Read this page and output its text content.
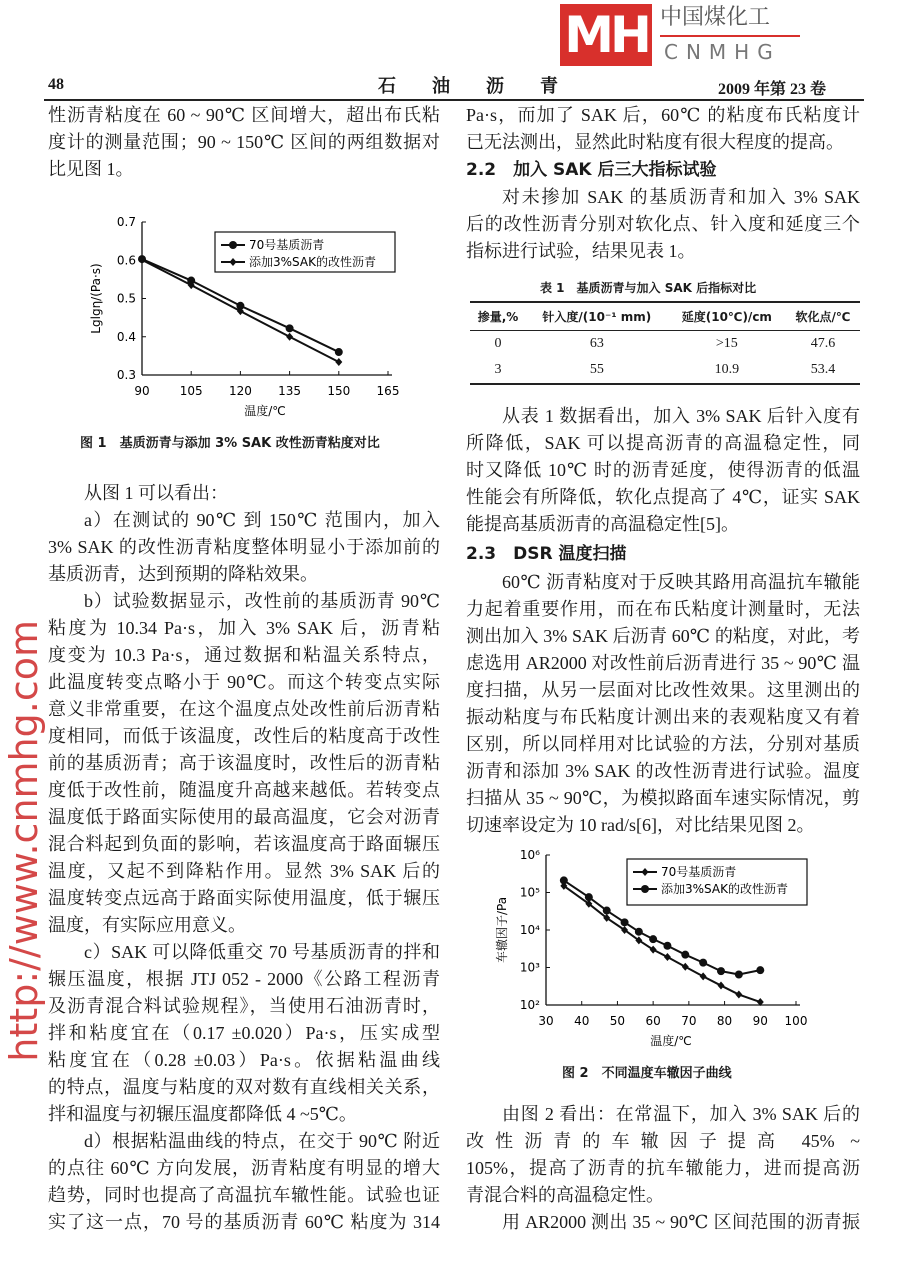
MH 中国煤化工
CNMHG
48	石　　油　　沥　　青	2009 年第 23 卷
性沥青粘度在 60 ~ 90℃ 区间增大，超出布氏粘
度计的测量范围；90 ~ 150℃ 区间的两组数据对
比见图 1。
90	105 120 135 150 165
0.3
0.4
0.5
0.6
0.7
温度/℃
Lglgη/(Pa·s)
70号基质沥青
添加3%SAK的改性沥青
图 1　基质沥青与添加 3% SAK 改性沥青粘度对比
从图 1 可以看出：
a）在测试的 90℃ 到 150℃ 范围内，加入
3% SAK 的改性沥青粘度整体明显小于添加前的
基质沥青，达到预期的降粘效果。
b）试验数据显示，改性前的基质沥青 90℃
粘度为 10.34 Pa·s，加入 3% SAK 后，沥青粘
度变为 10.3 Pa·s，通过数据和粘温关系特点，
此温度转变点略小于 90℃。而这个转变点实际
意义非常重要，在这个温度点处改性前后沥青粘
度相同，而低于该温度，改性后的粘度高于改性
前的基质沥青；高于该温度时，改性后的沥青粘
度低于改性前，随温度升高越来越低。若转变点
温度低于路面实际使用的最高温度，它会对沥青
混合料起到负面的影响，若该温度高于路面辗压
温度，又起不到降粘作用。显然 3% SAK 后的
温度转变点远高于路面实际使用温度，低于辗压
温度，有实际应用意义。
c）SAK 可以降低重交 70 号基质沥青的拌和
辗压温度，根据 JTJ 052 - 2000《公路工程沥青
及沥青混合料试验规程》，当使用石油沥青时，
拌和粘度宜在（0.17 ±0.020）Pa·s，压实成型
粘度宜在（0.28 ±0.03）Pa·s。依据粘温曲线
的特点，温度与粘度的双对数有直线相关关系，
拌和温度与初辗压温度都降低 4 ~5℃。
d）根据粘温曲线的特点，在交于 90℃ 附近
的点往 60℃ 方向发展，沥青粘度有明显的增大
趋势，同时也提高了高温抗车辙性能。试验也证
实了这一点，70 号的基质沥青 60℃ 粘度为 314
Pa·s，而加了 SAK 后，60℃ 的粘度布氏粘度计
已无法测出，显然此时粘度有很大程度的提高。
2.2　加入 SAK 后三大指标试验
对未掺加 SAK 的基质沥青和加入 3% SAK
后的改性沥青分别对软化点、针入度和延度三个
指标进行试验，结果见表 1。
表 1　基质沥青与加入 SAK 后指标对比
掺量,%	针入度/(10⁻¹ mm)	延度(10℃)/cm	软化点/℃
0	63	>15	47.6
3	55	10.9	53.4
从表 1 数据看出，加入 3% SAK 后针入度有
所降低，SAK 可以提高沥青的高温稳定性，同
时又降低 10℃ 时的沥青延度，使得沥青的低温
性能会有所降低，软化点提高了 4℃，证实 SAK
能提高基质沥青的高温稳定性[5]。
2.3　DSR 温度扫描
60℃ 沥青粘度对于反映其路用高温抗车辙能
力起着重要作用，而在布氏粘度计测量时，无法
测出加入 3% SAK 后沥青 60℃ 的粘度，对此，考
虑选用 AR2000 对改性前后沥青进行 35 ~ 90℃ 温
度扫描，从另一层面对比改性效果。这里测出的
振动粘度与布氏粘度计测出来的表观粘度又有着
区别，所以同样用对比试验的方法，分别对基质
沥青和添加 3% SAK 的改性沥青进行试验。温度
扫描从 35 ~ 90℃，为模拟路面车速实际情况，剪
切速率设定为 10 rad/s[6]，对比结果见图 2。
30 40 50 60 70 80 90 100
10²
10³
10⁴
10⁵
10⁶
温度/℃
车辙因子/Pa
70号基质沥青
添加3%SAK的改性沥青
图 2　不同温度车辙因子曲线
由图 2 看出：在常温下，加入 3% SAK 后的
改性沥青的车辙因子提高 45% ~
105%，提高了沥青的抗车辙能力，进而提高沥
青混合料的高温稳定性。
用 AR2000 测出 35 ~ 90℃ 区间范围的沥青振
http://www.cnmhg.com
